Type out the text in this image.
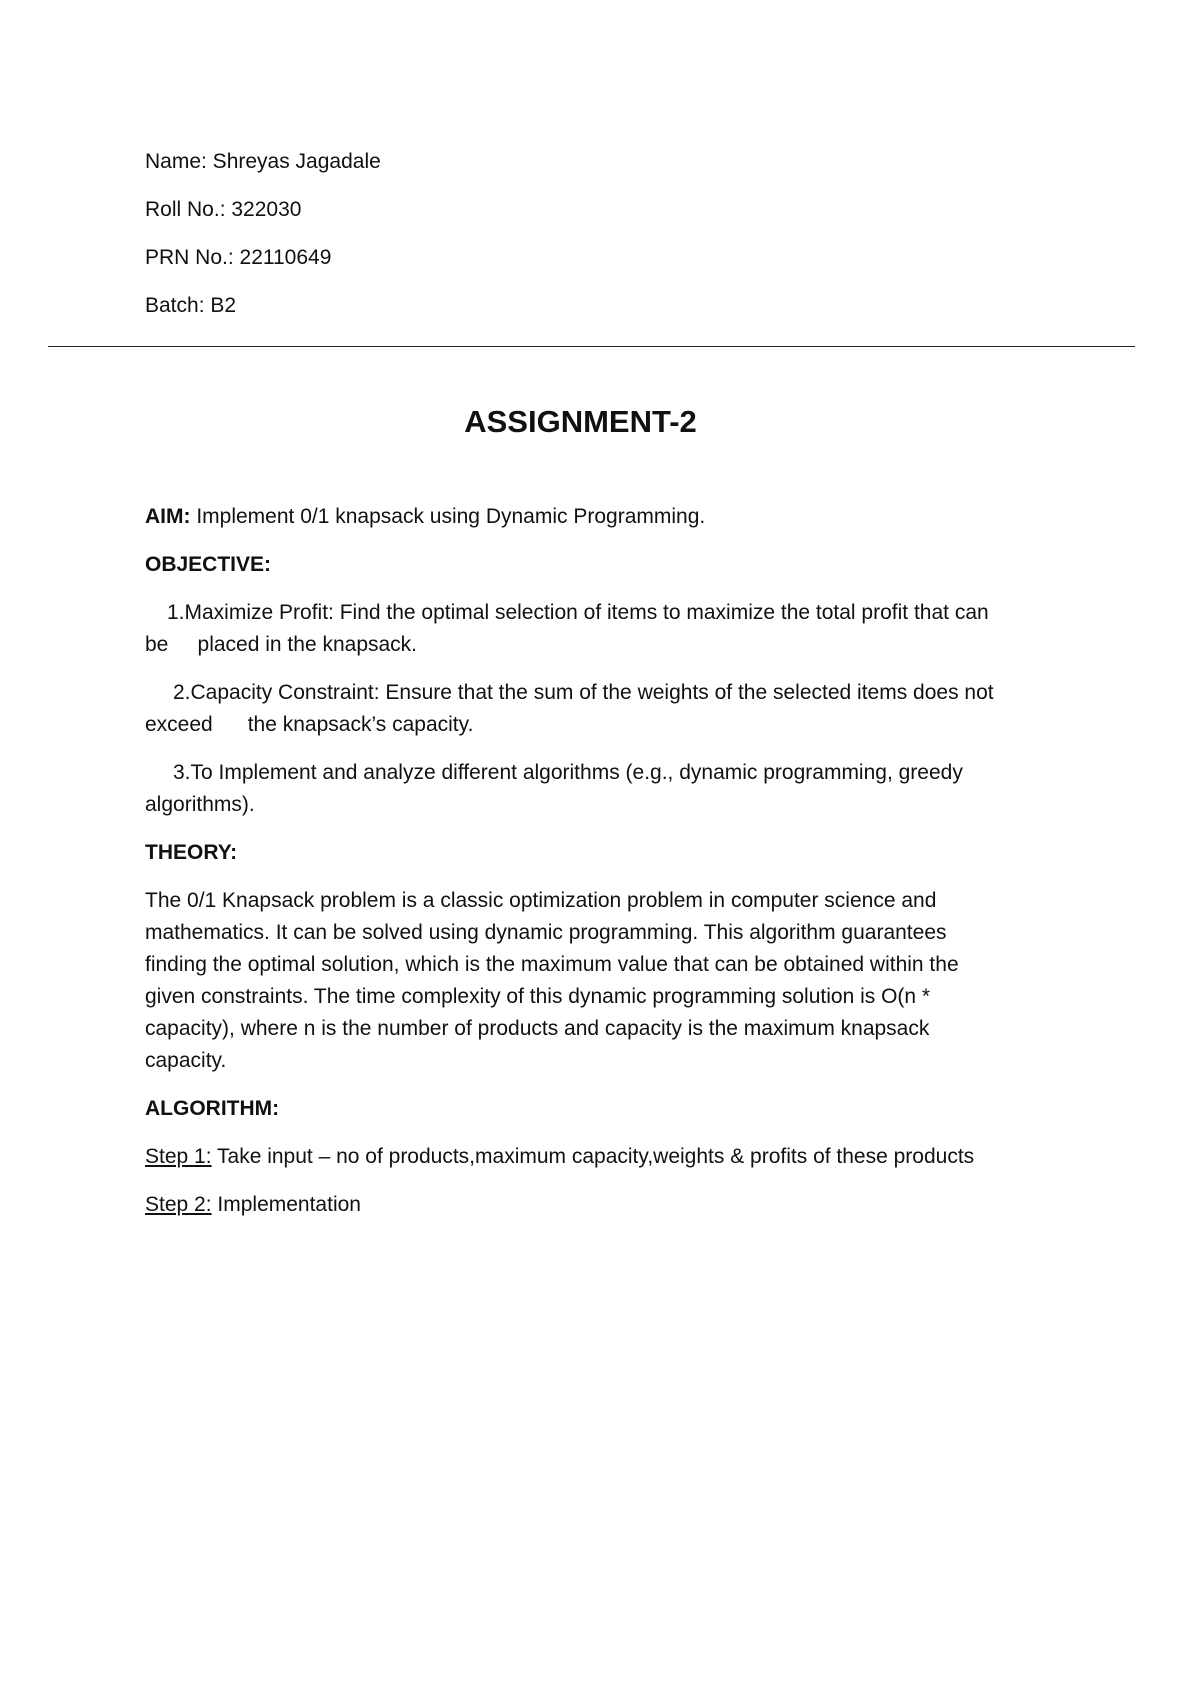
Name: Shreyas Jagadale
Roll No.: 322030
PRN No.: 22110649
Batch: B2
ASSIGNMENT-2
AIM: Implement 0/1 knapsack using Dynamic Programming.
OBJECTIVE:
1.Maximize Profit: Find the optimal selection of items to maximize the total profit that can
be     placed in the knapsack.
2.Capacity Constraint: Ensure that the sum of the weights of the selected items does not
exceed      the knapsack’s capacity.
3.To Implement and analyze different algorithms (e.g., dynamic programming, greedy
algorithms).
THEORY:
The 0/1 Knapsack problem is a classic optimization problem in computer science and
mathematics. It can be solved using dynamic programming. This algorithm guarantees
finding the optimal solution, which is the maximum value that can be obtained within the
given constraints. The time complexity of this dynamic programming solution is O(n *
capacity), where n is the number of products and capacity is the maximum knapsack
capacity.
ALGORITHM:
Step 1: Take input – no of products,maximum capacity,weights & profits of these products
Step 2: Implementation
